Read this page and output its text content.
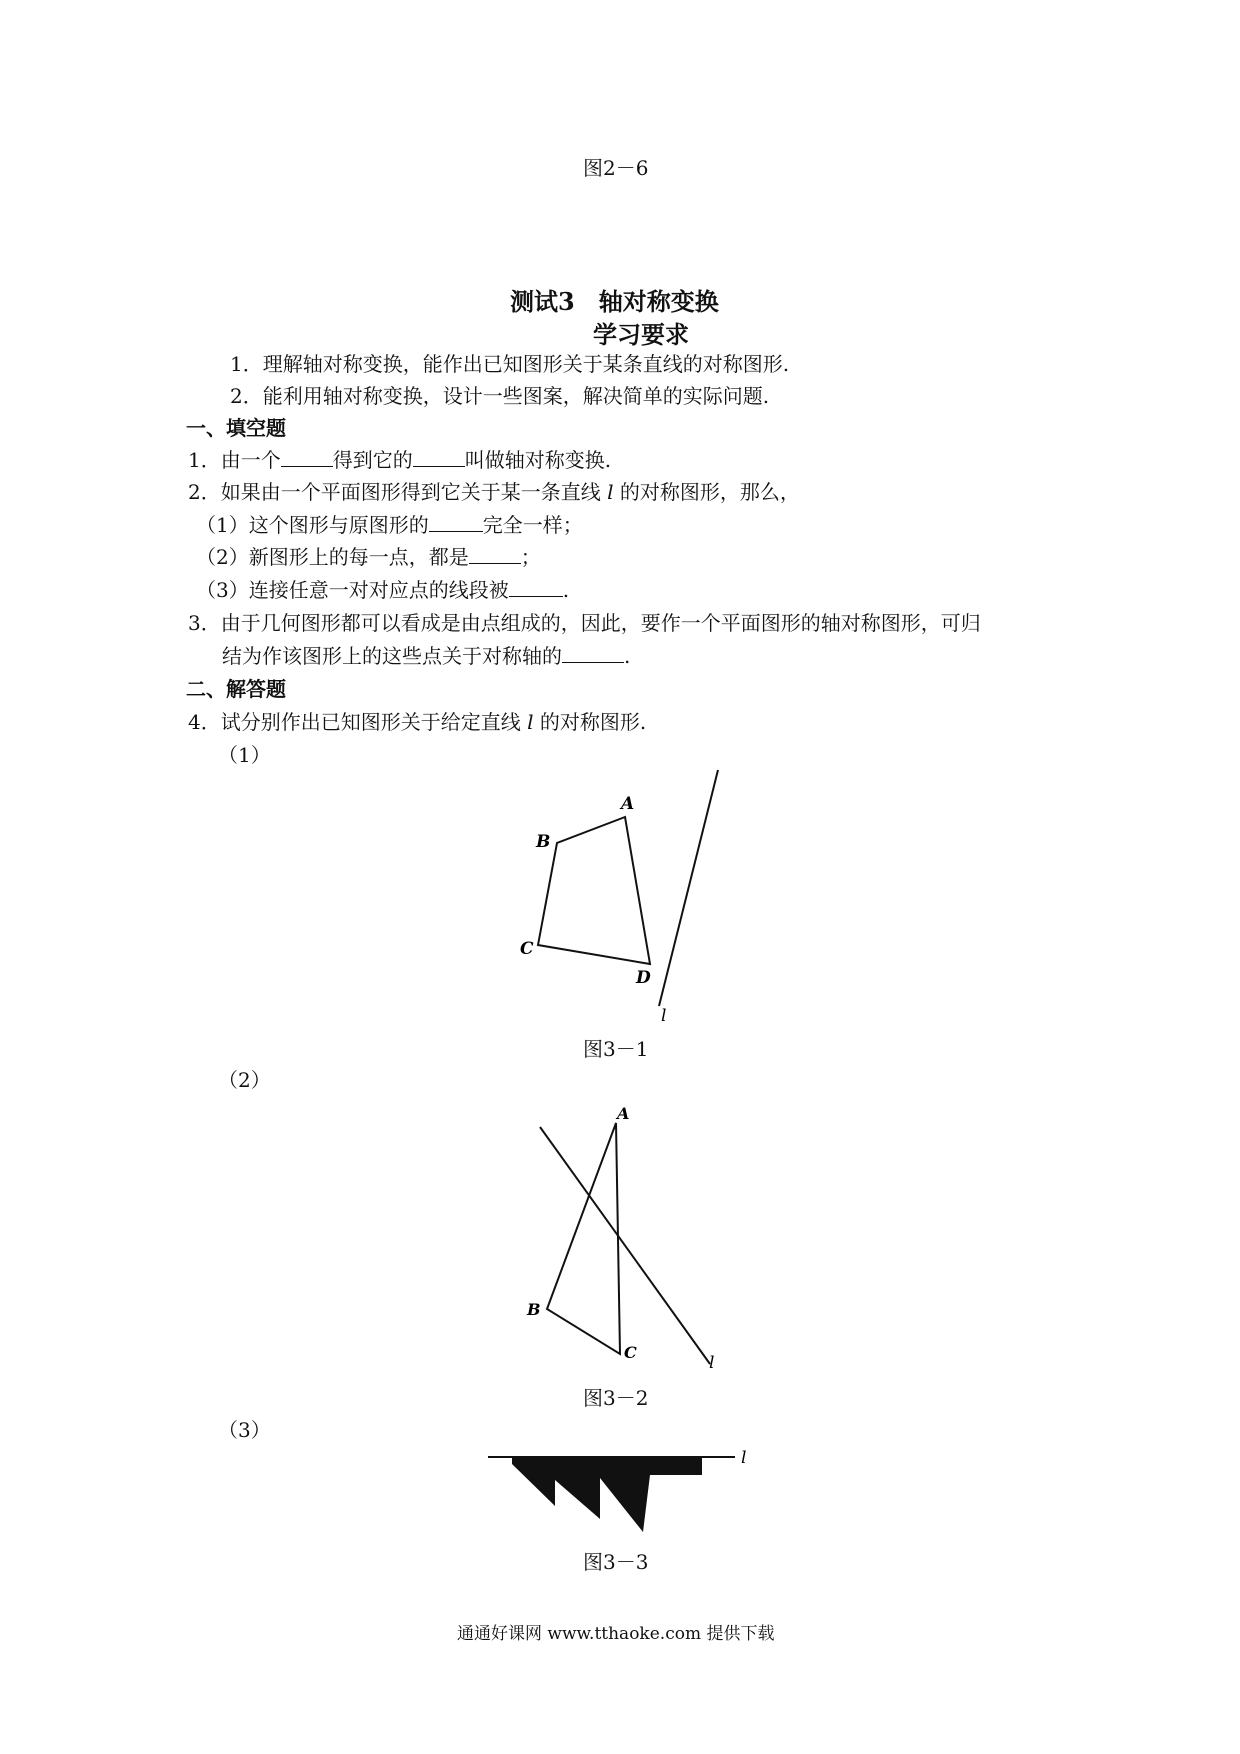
图2－6
测试3　轴对称变换
学习要求
1．理解轴对称变换，能作出已知图形关于某条直线的对称图形.
2．能利用轴对称变换，设计一些图案，解决简单的实际问题.
一、填空题
1．由一个	得到它的	叫做轴对称变换.
2．如果由一个平面图形得到它关于某一条直线 l 的对称图形，那么，
（1）这个图形与原图形的	完全一样；
（2）新图形上的每一点，都是	；
（3）连接任意一对对应点的线段被	.
3．由于几何图形都可以看成是由点组成的，因此，要作一个平面图形的轴对称图形，可归
结为作该图形上的这些点关于对称轴的	.
二、解答题
4．试分别作出已知图形关于给定直线 l 的对称图形.
（1）
A
B
C
D
l
图3－1
（2）
A
B
C
l
图3－2
（3）
l
图3－3
通通好课网 www.tthaoke.com 提供下载
